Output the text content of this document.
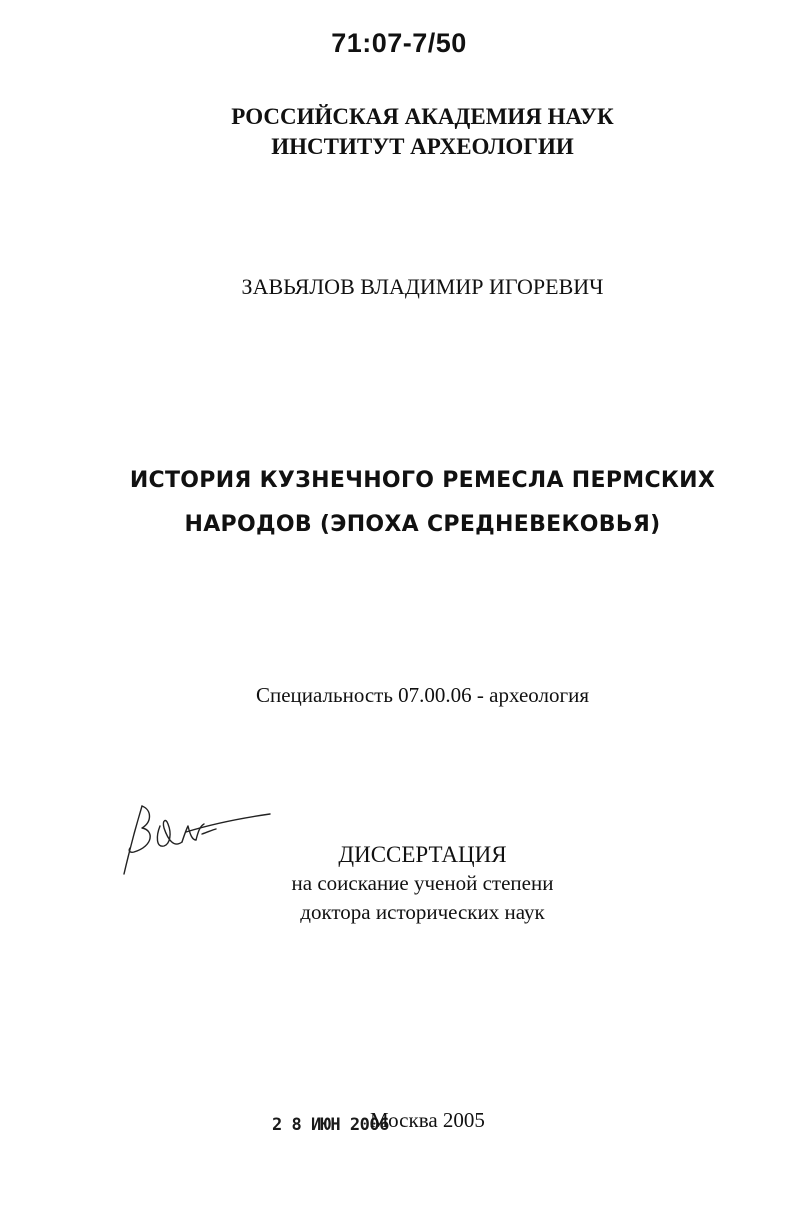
71:07-7/50
РОССИЙСКАЯ АКАДЕМИЯ НАУК
ИНСТИТУТ АРХЕОЛОГИИ
ЗАВЬЯЛОВ ВЛАДИМИР ИГОРЕВИЧ
ИСТОРИЯ КУЗНЕЧНОГО РЕМЕСЛА ПЕРМСКИХ
НАРОДОВ (ЭПОХА СРЕДНЕВЕКОВЬЯ)
Специальность 07.00.06 - археология
ДИССЕРТАЦИЯ
на соискание ученой степени
доктора исторических наук
2 8 ИЮН 2006
Москва 2005
